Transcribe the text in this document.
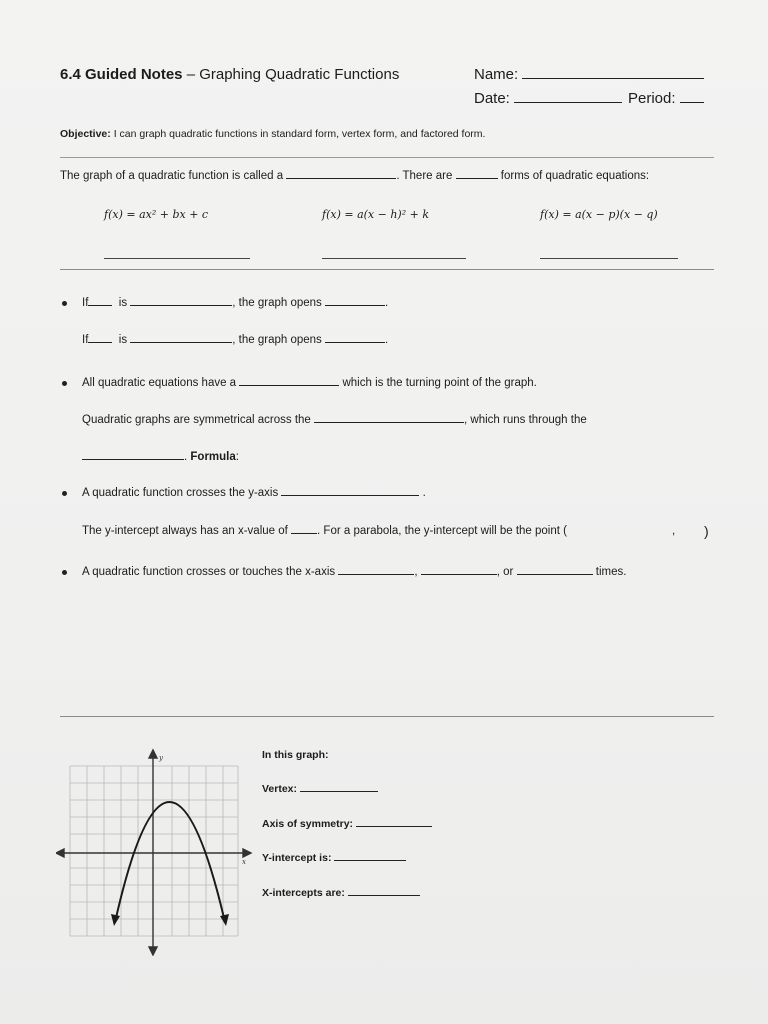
6.4 Guided Notes – Graphing Quadratic Functions	Name:
Date:	Period:
Objective: I can graph quadratic functions in standard form, vertex form, and factored form.
The graph of a quadratic function is called a	. There are	forms of quadratic equations:
f(x) = ax² + bx + c	f(x) = a(x − h)² + k	f(x) = a(x − p)(x − q)
If	is	, the graph opens	.
If	is	, the graph opens	.
All quadratic equations have a	which is the turning point of the graph.
Quadratic graphs are symmetrical across the	, which runs through the
. Formula:
A quadratic function crosses the y-axis	.
The y-intercept always has an x-value of	. For a parabola, the y-intercept will be the point (	, )
A quadratic function crosses or touches the x-axis	,	, or	times.
y
x
In this graph:
Vertex:
Axis of symmetry:
Y-intercept is:
X-intercepts are:
